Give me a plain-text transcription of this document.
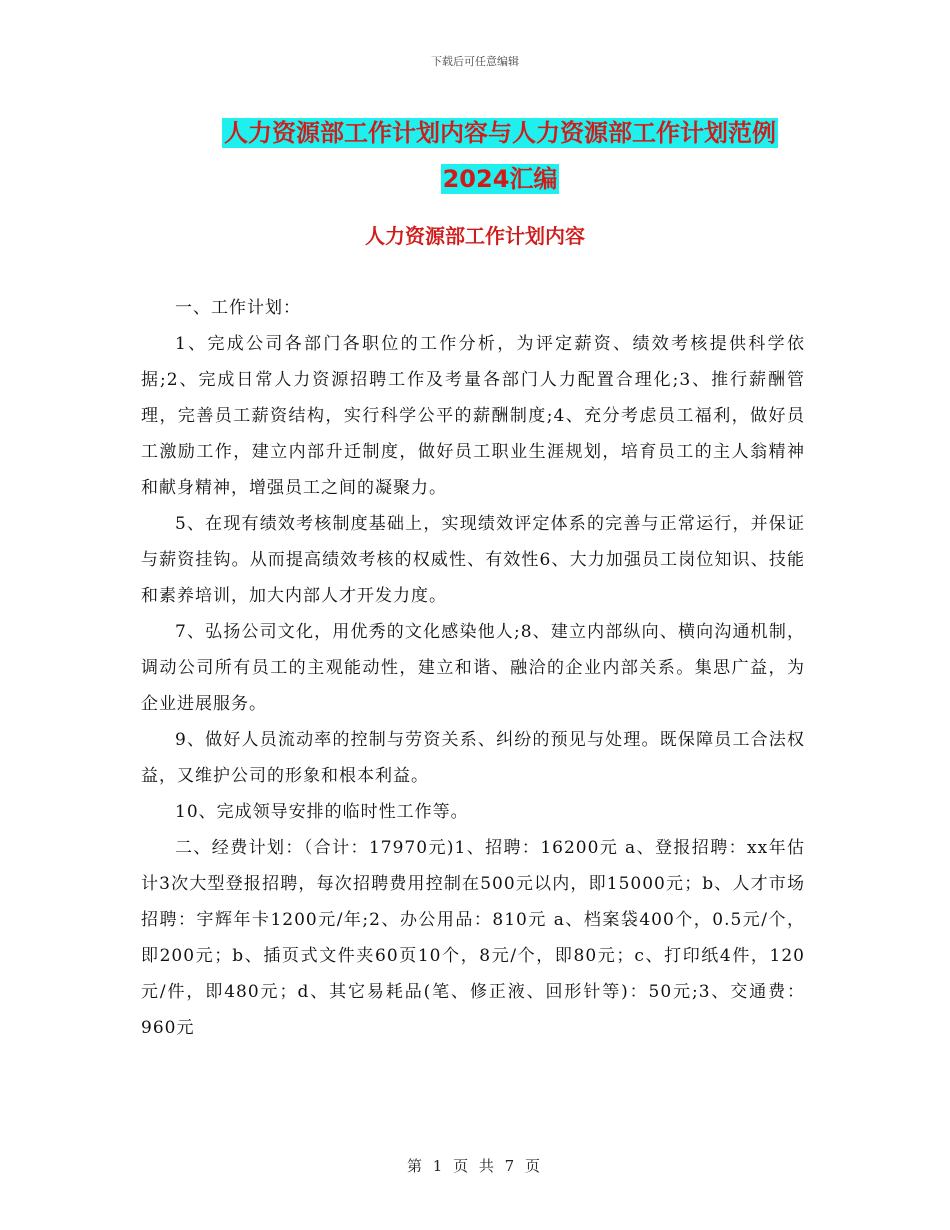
下载后可任意编辑
人力资源部工作计划内容与人力资源部工作计划范例
2024汇编
人力资源部工作计划内容

一、工作计划：

1、完成公司各部门各职位的工作分析，为评定薪资、绩效考核提供科学依据;2、完成日常人力资源招聘工作及考量各部门人力配置合理化;3、推行薪酬管理，完善员工薪资结构，实行科学公平的薪酬制度;4、充分考虑员工福利，做好员工激励工作，建立内部升迁制度，做好员工职业生涯规划，培育员工的主人翁精神和献身精神，增强员工之间的凝聚力。

5、在现有绩效考核制度基础上，实现绩效评定体系的完善与正常运行，并保证与薪资挂钩。从而提高绩效考核的权威性、有效性6、大力加强员工岗位知识、技能和素养培训，加大内部人才开发力度。

7、弘扬公司文化，用优秀的文化感染他人;8、建立内部纵向、横向沟通机制，调动公司所有员工的主观能动性，建立和谐、融洽的企业内部关系。集思广益，为企业进展服务。

9、做好人员流动率的控制与劳资关系、纠纷的预见与处理。既保障员工合法权益，又维护公司的形象和根本利益。

10、完成领导安排的临时性工作等。

二、经费计划：（合计：17970元)1、招聘：16200元 a、登报招聘：xx年估计3次大型登报招聘，每次招聘费用控制在500元以内，即15000元；b、人才市场招聘：宇辉年卡1200元/年;2、办公用品：810元 a、档案袋400个，0.5元/个，即200元；b、插页式文件夹60页10个，8元/个，即80元；c、打印纸4件，120元/件，即480元；d、其它易耗品(笔、修正液、回形针等)：50元;3、交通费：960元

第 1 页 共 7 页
